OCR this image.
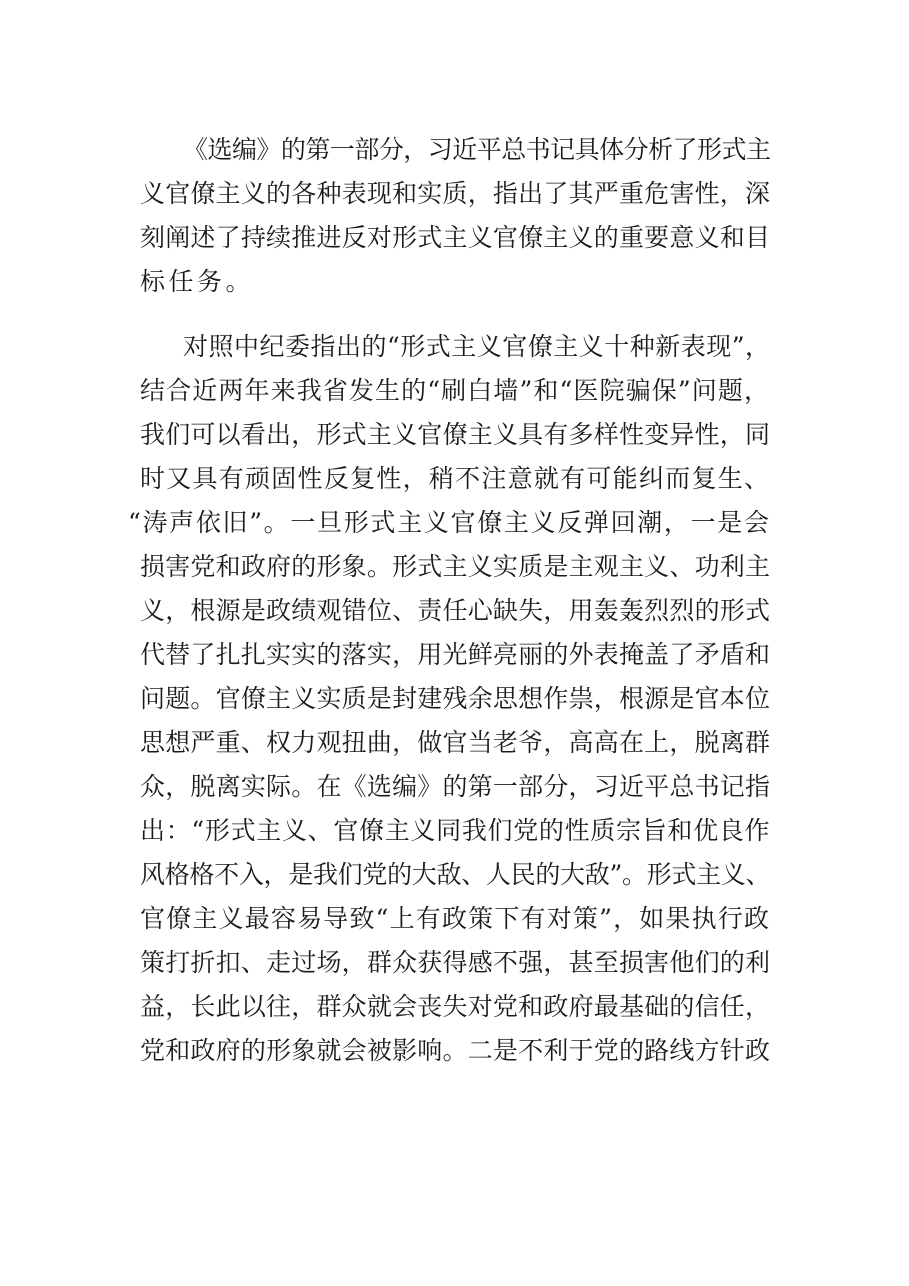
《选编》的第一部分，习近平总书记具体分析了形式主
义官僚主义的各种表现和实质，指出了其严重危害性，深
刻阐述了持续推进反对形式主义官僚主义的重要意义和目
标任务。
对照中纪委指出的“形式主义官僚主义十种新表现”，
结合近两年来我省发生的“刷白墙”和“医院骗保”问题，
我们可以看出，形式主义官僚主义具有多样性变异性，同
时又具有顽固性反复性，稍不注意就有可能纠而复生、
“涛声依旧”。一旦形式主义官僚主义反弹回潮，一是会
损害党和政府的形象。形式主义实质是主观主义、功利主
义，根源是政绩观错位、责任心缺失，用轰轰烈烈的形式
代替了扎扎实实的落实，用光鲜亮丽的外表掩盖了矛盾和
问题。官僚主义实质是封建残余思想作祟，根源是官本位
思想严重、权力观扭曲，做官当老爷，高高在上，脱离群
众，脱离实际。在《选编》的第一部分，习近平总书记指
出：“形式主义、官僚主义同我们党的性质宗旨和优良作
风格格不入，是我们党的大敌、人民的大敌”。形式主义、
官僚主义最容易导致“上有政策下有对策”，如果执行政
策打折扣、走过场，群众获得感不强，甚至损害他们的利
益，长此以往，群众就会丧失对党和政府最基础的信任，
党和政府的形象就会被影响。二是不利于党的路线方针政
